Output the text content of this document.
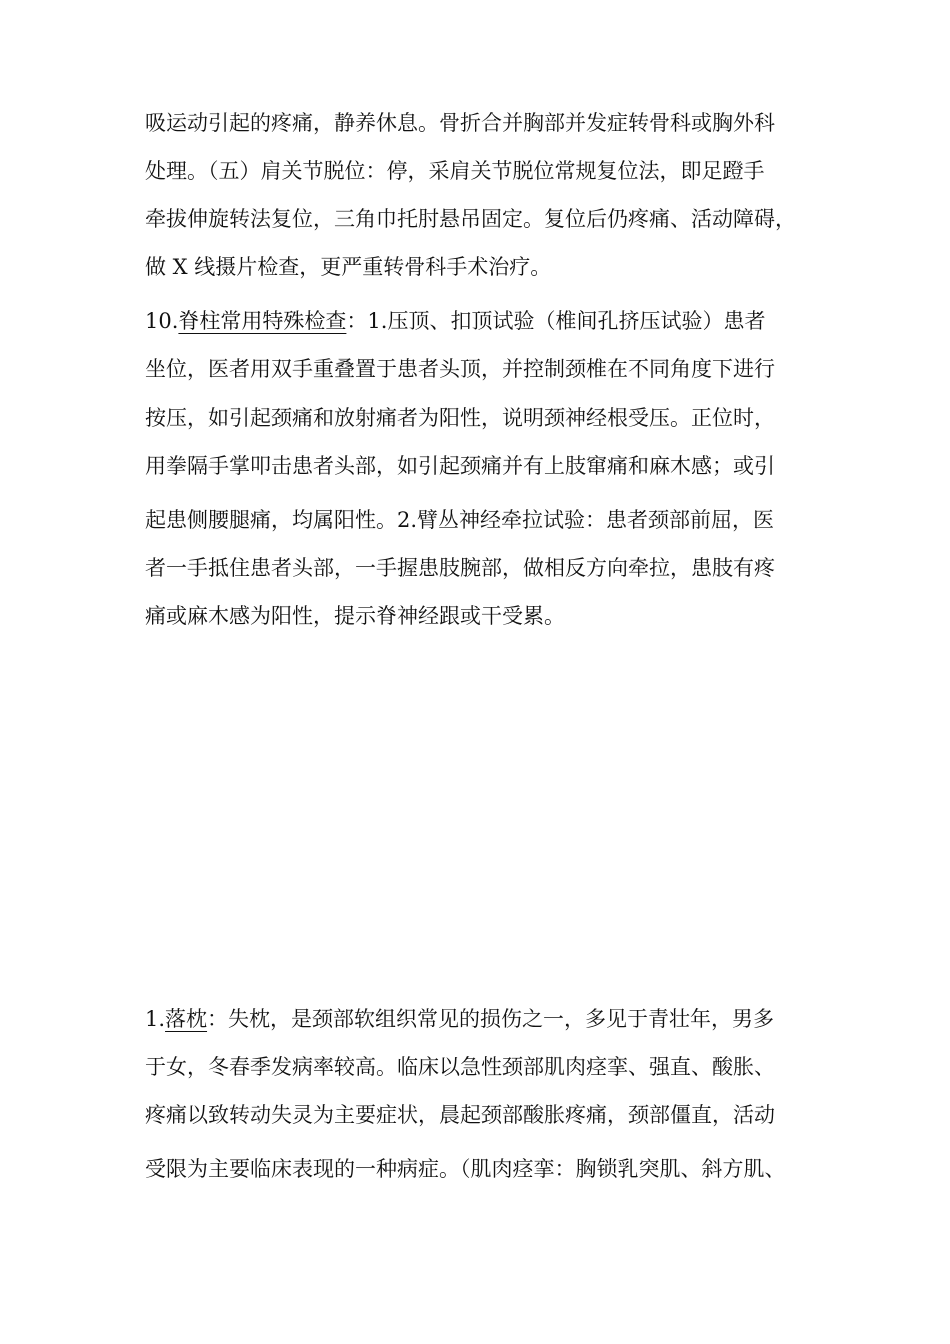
吸运动引起的疼痛，静养休息。骨折合并胸部并发症转骨科或胸外科
处理。（五）肩关节脱位：停，采肩关节脱位常规复位法，即足蹬手
牵拔伸旋转法复位，三角巾托肘悬吊固定。复位后仍疼痛、活动障碍，
做 X 线摄片检查，更严重转骨科手术治疗。
10.脊柱常用特殊检查：1.压顶、扣顶试验（椎间孔挤压试验）患者
坐位，医者用双手重叠置于患者头顶，并控制颈椎在不同角度下进行
按压，如引起颈痛和放射痛者为阳性，说明颈神经根受压。正位时，
用拳隔手掌叩击患者头部，如引起颈痛并有上肢窜痛和麻木感；或引
起患侧腰腿痛，均属阳性。2.臂丛神经牵拉试验：患者颈部前屈，医
者一手抵住患者头部，一手握患肢腕部，做相反方向牵拉，患肢有疼
痛或麻木感为阳性，提示脊神经跟或干受累。
1.落枕：失枕，是颈部软组织常见的损伤之一，多见于青壮年，男多
于女，冬春季发病率较高。临床以急性颈部肌肉痉挛、强直、酸胀、
疼痛以致转动失灵为主要症状，晨起颈部酸胀疼痛，颈部僵直，活动
受限为主要临床表现的一种病症。（肌肉痉挛：胸锁乳突肌、斜方肌、
